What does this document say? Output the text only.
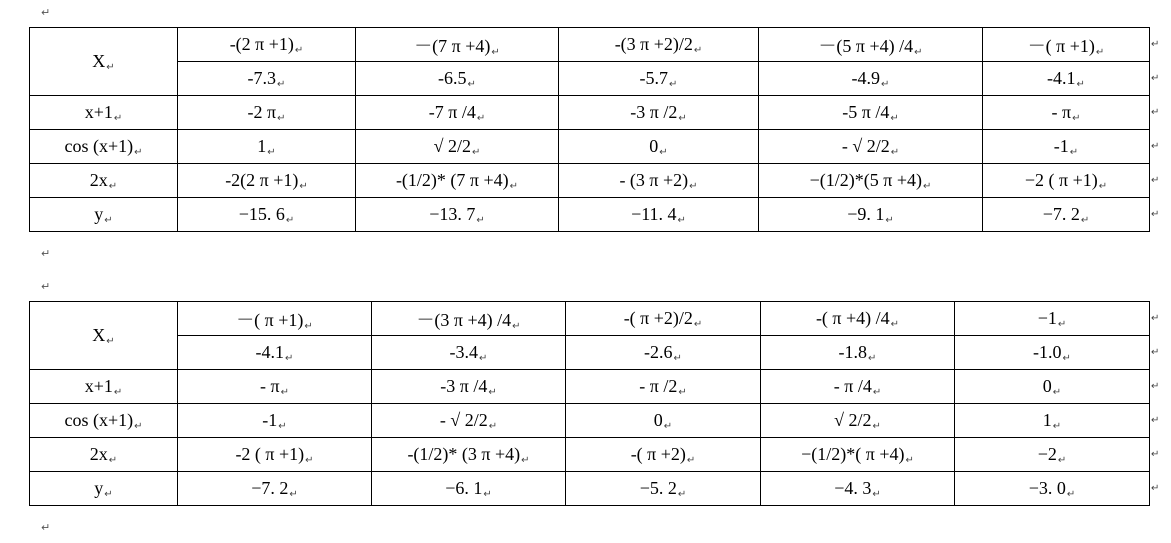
↵
X↵	-(2 π +1)↵	－(7 π +4)↵	-(3 π +2)/2↵	－(5 π +4) /4↵	－( π +1)↵
	-7.3↵	-6.5↵	-5.7↵	-4.9↵	-4.1↵
x+1↵	-2 π↵	-7 π /4↵	-3 π /2↵	-5 π /4↵	- π↵
cos (x+1)↵	1↵	√ 2/2↵	0↵	- √ 2/2↵	-1↵
2x↵	-2(2 π +1)↵	-(1/2)* (7 π +4)↵	- (3 π +2)↵	−(1/2)*(5 π +4)↵	−2 ( π +1)↵
y↵	−15. 6↵	−13. 7↵	−11. 4↵	−9. 1↵	−7. 2↵
↵
↵
X↵	－( π +1)↵	－(3 π +4) /4↵	-( π +2)/2↵	-( π +4) /4↵	−1↵
	-4.1↵	-3.4↵	-2.6↵	-1.8↵	-1.0↵
x+1↵	- π↵	-3 π /4↵	- π /2↵	- π /4↵	0↵
cos (x+1)↵	-1↵	- √ 2/2↵	0↵	√ 2/2↵	1↵
2x↵	-2 ( π +1)↵	-(1/2)* (3 π +4)↵	-( π +2)↵	−(1/2)*( π +4)↵	−2↵
y↵	−7. 2↵	−6. 1↵	−5. 2↵	−4. 3↵	−3. 0↵
↵
↵
↵
↵
↵
↵
↵
↵
↵
↵
↵
↵
↵
